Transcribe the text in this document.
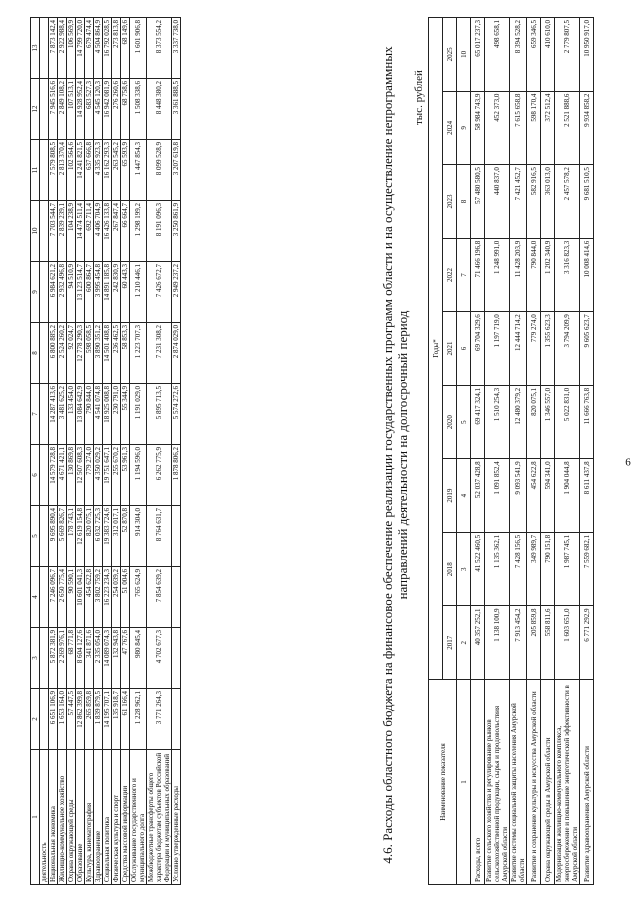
6
1	2	3	4	5	6	7	8	9	10	11	12	13
деятельность												
Национальная экономика	6 651 106,9	5 872 381,9	7 246 096,7	9 695 890,4	14 579 728,8	14 287 413,6	6 800 885,2	6 984 621,2	7 703 544,7	7 579 808,5	7 945 516,6	7 873 142,4
Жилищно-коммунальное хозяйство	1 653 164,0	2 269 976,1	2 650 775,4	5 669 826,7	4 671 421,1	3 481 625,2	2 524 260,2	2 932 496,8	2 839 239,1	2 813 370,4	2 849 108,2	2 922 988,4
Охрана окружающей среды	57 447,5	68 771,8	90 590,1	178 743,1	130 869,8	133 454,0	92 024,7	94 510,9	104 238,9	102 564,6	107 513,1	106 569,9
Образование	12 862 399,8	8 604 127,6	10 601 041,3	12 619 154,8	12 507 608,3	13 084 642,9	12 778 290,3	13 123 514,7	14 474 511,4	14 241 821,5	14 928 952,4	14 799 720,0
Культура, кинематография	265 859,8	341 871,6	454 622,8	820 075,1	779 274,0	790 844,0	598 058,5	600 864,7	692 711,4	637 666,8	683 527,3	679 474,4
Здравоохранение	1 839 879,5	2 335 054,0	3 802 759,2	6 032 725,3	4 350 029,2	4 541 074,8	3 890 351,2	3 995 454,8	4 406 704,9	4 335 923,3	4 545 120,3	4 504 864,9
Социальная политика	14 195 707,1	14 089 074,3	16 223 234,3	19 383 724,6	19 751 647,1	18 925 008,8	14 501 408,8	14 891 185,8	16 426 133,8	16 162 293,3	16 942 081,9	16 792 028,5
Физическая культура и спорт	135 918,7	132 943,8	254 039,2	312 017,1	255 670,2	230 791,0	236 462,5	242 830,9	267 847,4	263 545,2	276 260,6	273 813,8
Средства массовой информации	61 166,4	47 767,6	51 004,6	52 870,8	53 961,3	55 344,9	58 853,3	60 443,3	66 664,7	65 593,9	68 758,6	68 149,6
Обслуживание государственного и муниципального долга	1 228 962,1	980 845,4	765 624,9	914 304,0	1 194 596,0	1 191 029,0	1 223 707,3	1 210 446,1	1 298 199,2	1 447 854,3	1 508 338,6	1 601 906,8
Межбюджетные трансферты общего характера бюджетам субъектов Российской Федерации и муниципальных образований	3 771 264,3	4 702 677,3	7 854 639,2	8 764 631,7	6 262 775,9	5 895 713,5	7 231 308,2	7 426 672,7	8 191 096,3	8 099 528,9	8 448 380,2	8 373 554,2
Условно утвержденные расходы					1 878 806,2	5 574 272,6	2 874 029,0	2 949 237,2	3 250 861,9	3 207 619,8	3 361 888,5	3 337 738,0
4.6. Расходы областного бюджета на финансовое обеспечение реализации государственных программ области и на осуществление непрограммных направлений деятельности на долгосрочный период
тыс. рублей
Наименование показателя	Годы*								
	2017	2018	2019	2020	2021	2022	2023	2024	2025
1	2	3	4	5	6	7	8	9	10
Расходы, всего	40 357 252,1	41 522 460,5	52 037 428,8	69 417 324,1	69 704 329,6	71 466 196,8	57 480 580,5	58 984 743,9	65 017 237,3
Развитие сельского хозяйства и регулирование рынков сельскохозяйственной продукции, сырья и продовольствия Амурской области	1 138 100,9	1 135 362,1	1 091 852,4	1 510 254,3	1 197 719,0	1 248 991,0	440 837,0	452 373,0	498 658,1
Развитие системы социальной защиты населения Амурской области	7 913 454,2	7 428 156,5	9 093 541,9	12 480 379,2	12 444 714,2	11 428 203,9	7 421 452,7	7 615 658,8	8 394 528,2
Развитие и сохранение культуры и искусства Амурской области	205 859,8	349 989,7	454 622,8	820 075,1	779 274,0	790 844,0	582 916,5	598 170,4	659 346,5
Охрана окружающей среды в Амурской области	558 811,6	790 151,8	594 341,0	1 346 557,0	1 355 623,3	1 202 340,9	363 013,0	372 512,4	410 610,0
Модернизация жилищно-коммунального комплекса, энергосбережение и повышение энергетической эффективности в Амурской области	1 603 651,0	1 987 745,1	1 904 044,8	5 022 831,0	3 794 209,9	3 316 823,3	2 457 578,2	2 521 888,6	2 779 807,5
Развитие здравоохранения Амурской области	6 771 292,9	7 559 682,1	8 611 437,8	11 666 763,8	9 605 623,7	10 008 414,6	9 681 510,5	9 934 858,2	10 950 917,0
